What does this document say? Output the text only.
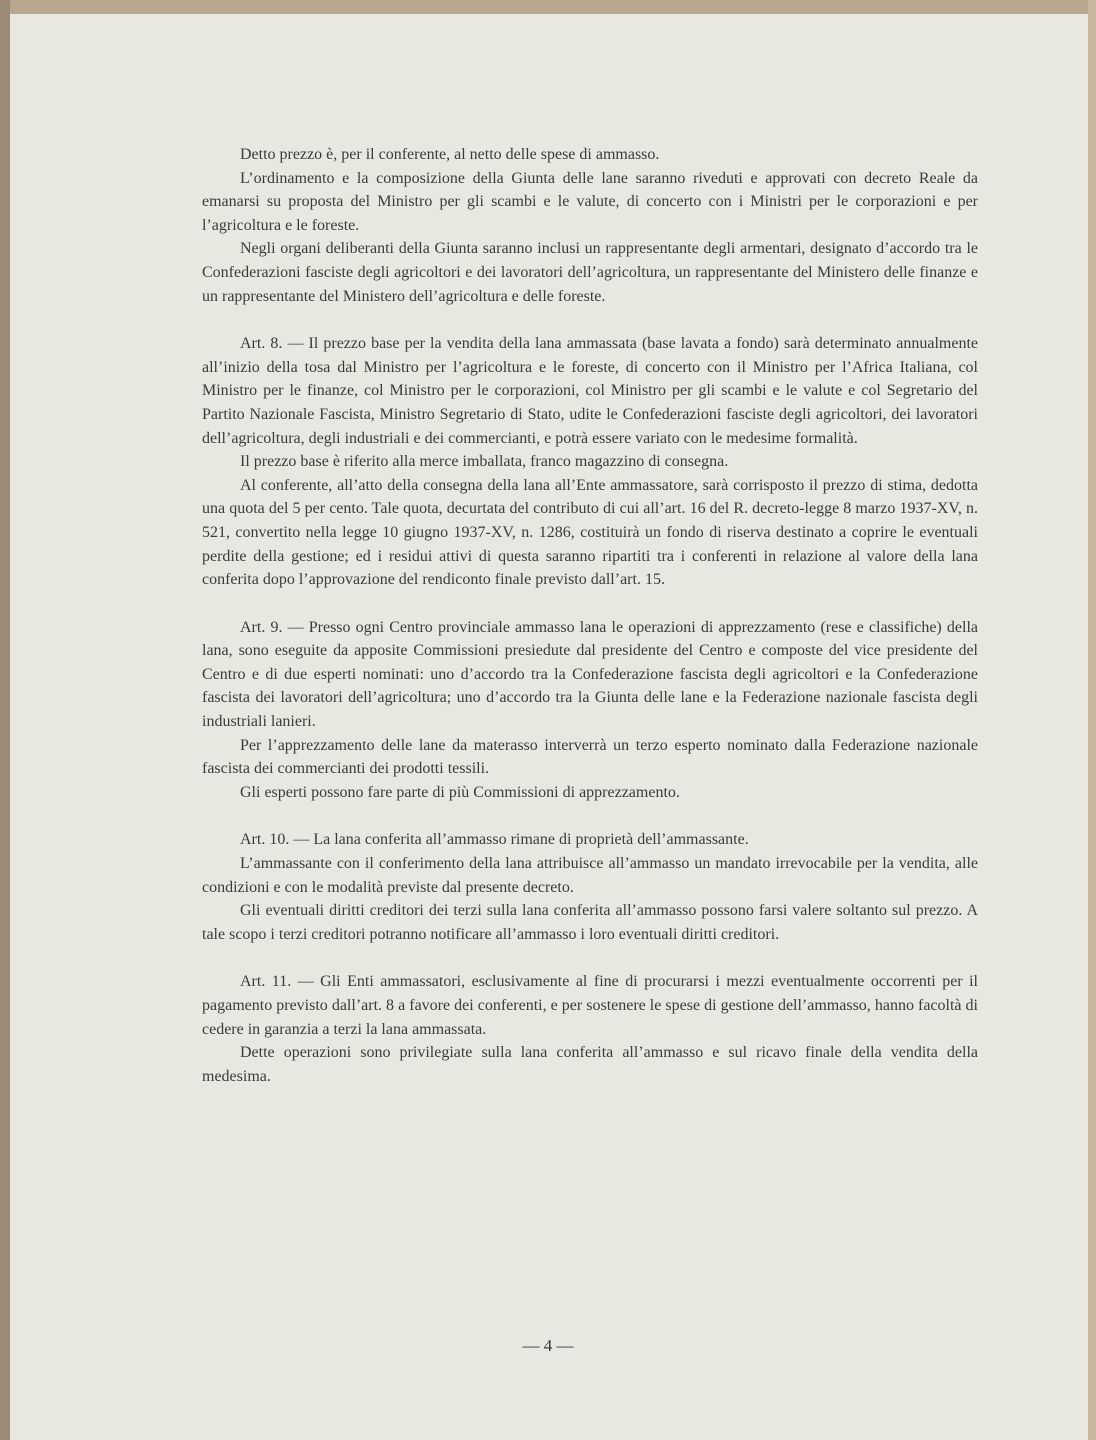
Detto prezzo è, per il conferente, al netto delle spese di ammasso.

L’ordinamento e la composizione della Giunta delle lane saranno riveduti e approvati con decreto Reale da emanarsi su proposta del Ministro per gli scambi e le valute, di concerto con i Ministri per le corporazioni e per l’agricoltura e le foreste.

Negli organi deliberanti della Giunta saranno inclusi un rappresentante degli armentari, designato d’accordo tra le Confederazioni fasciste degli agricoltori e dei lavoratori dell’agricoltura, un rappresentante del Ministero delle finanze e un rappresentante del Ministero dell’agricoltura e delle foreste.

Art. 8. — Il prezzo base per la vendita della lana ammassata (base lavata a fondo) sarà determinato annualmente all’inizio della tosa dal Ministro per l’agricoltura e le foreste, di concerto con il Ministro per l’Africa Italiana, col Ministro per le finanze, col Ministro per le corporazioni, col Ministro per gli scambi e le valute e col Segretario del Partito Nazionale Fascista, Ministro Segretario di Stato, udite le Confederazioni fasciste degli agricoltori, dei lavoratori dell’agricoltura, degli industriali e dei commercianti, e potrà essere variato con le medesime formalità.

Il prezzo base è riferito alla merce imballata, franco magazzino di consegna.

Al conferente, all’atto della consegna della lana all’Ente ammassatore, sarà corrisposto il prezzo di stima, dedotta una quota del 5 per cento. Tale quota, decurtata del contributo di cui all’art. 16 del R. decreto-legge 8 marzo 1937-XV, n. 521, convertito nella legge 10 giugno 1937-XV, n. 1286, costituirà un fondo di riserva destinato a coprire le eventuali perdite della gestione; ed i residui attivi di questa saranno ripartiti tra i conferenti in relazione al valore della lana conferita dopo l’approvazione del rendiconto finale previsto dall’art. 15.

Art. 9. — Presso ogni Centro provinciale ammasso lana le operazioni di apprezzamento (rese e classifiche) della lana, sono eseguite da apposite Commissioni presiedute dal presidente del Centro e composte del vice presidente del Centro e di due esperti nominati: uno d’accordo tra la Confederazione fascista degli agricoltori e la Confederazione fascista dei lavoratori dell’agricoltura; uno d’accordo tra la Giunta delle lane e la Federazione nazionale fascista degli industriali lanieri.

Per l’apprezzamento delle lane da materasso interverrà un terzo esperto nominato dalla Federazione nazionale fascista dei commercianti dei prodotti tessili.

Gli esperti possono fare parte di più Commissioni di apprezzamento.

Art. 10. — La lana conferita all’ammasso rimane di proprietà dell’ammassante.

L’ammassante con il conferimento della lana attribuisce all’ammasso un mandato irrevocabile per la vendita, alle condizioni e con le modalità previste dal presente decreto.

Gli eventuali diritti creditori dei terzi sulla lana conferita all’ammasso possono farsi valere soltanto sul prezzo. A tale scopo i terzi creditori potranno notificare all’ammasso i loro eventuali diritti creditori.

Art. 11. — Gli Enti ammassatori, esclusivamente al fine di procurarsi i mezzi eventualmente occorrenti per il pagamento previsto dall’art. 8 a favore dei conferenti, e per sostenere le spese di gestione dell’ammasso, hanno facoltà di cedere in garanzia a terzi la lana ammassata.

Dette operazioni sono privilegiate sulla lana conferita all’ammasso e sul ricavo finale della vendita della medesima.

— 4 —
